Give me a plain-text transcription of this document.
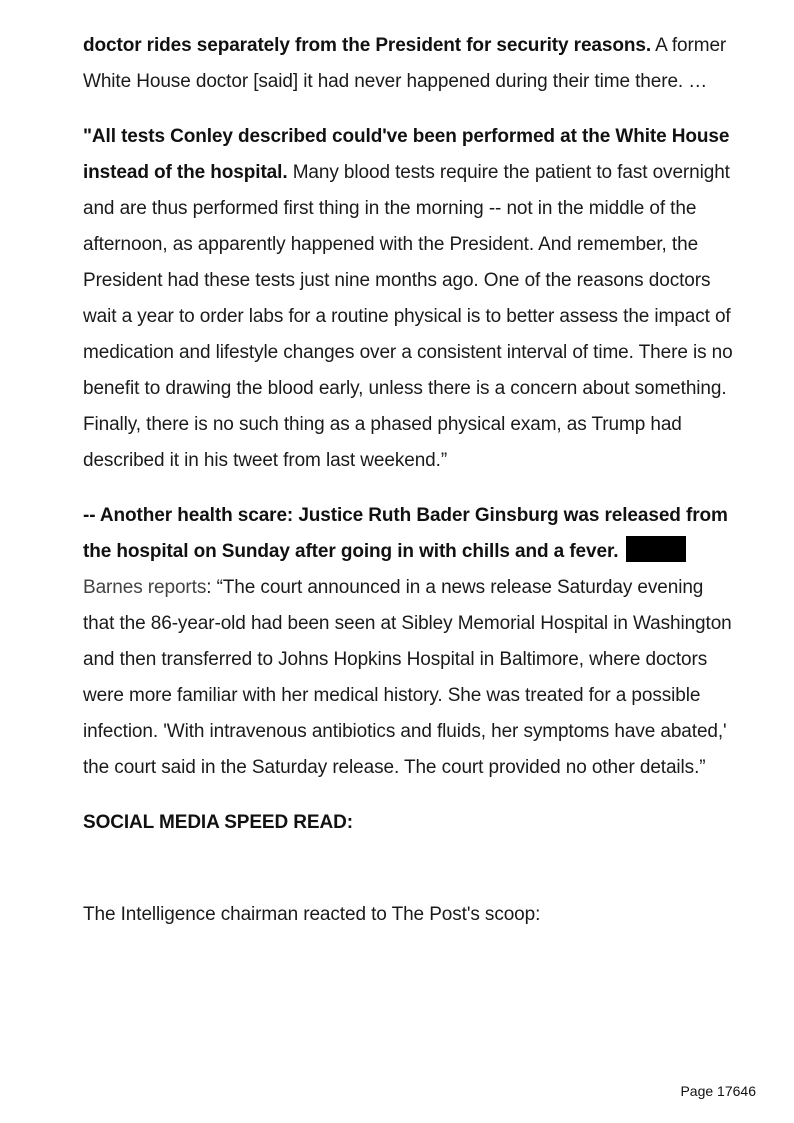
doctor rides separately from the President for security reasons. A former White House doctor [said] it had never happened during their time there. …

"All tests Conley described could've been performed at the White House instead of the hospital. Many blood tests require the patient to fast overnight and are thus performed first thing in the morning -- not in the middle of the afternoon, as apparently happened with the President. And remember, the President had these tests just nine months ago. One of the reasons doctors wait a year to order labs for a routine physical is to better assess the impact of medication and lifestyle changes over a consistent interval of time. There is no benefit to drawing the blood early, unless there is a concern about something. Finally, there is no such thing as a phased physical exam, as Trump had described it in his tweet from last weekend.”

-- Another health scare: Justice Ruth Bader Ginsburg was released from the hospital on Sunday after going in with chills and a fever. Barnes reports: “The court announced in a news release Saturday evening that the 86-year-old had been seen at Sibley Memorial Hospital in Washington and then transferred to Johns Hopkins Hospital in Baltimore, where doctors were more familiar with her medical history. She was treated for a possible infection. 'With intravenous antibiotics and fluids, her symptoms have abated,' the court said in the Saturday release. The court provided no other details.”

SOCIAL MEDIA SPEED READ:

The Intelligence chairman reacted to The Post's scoop:

Page 17646
